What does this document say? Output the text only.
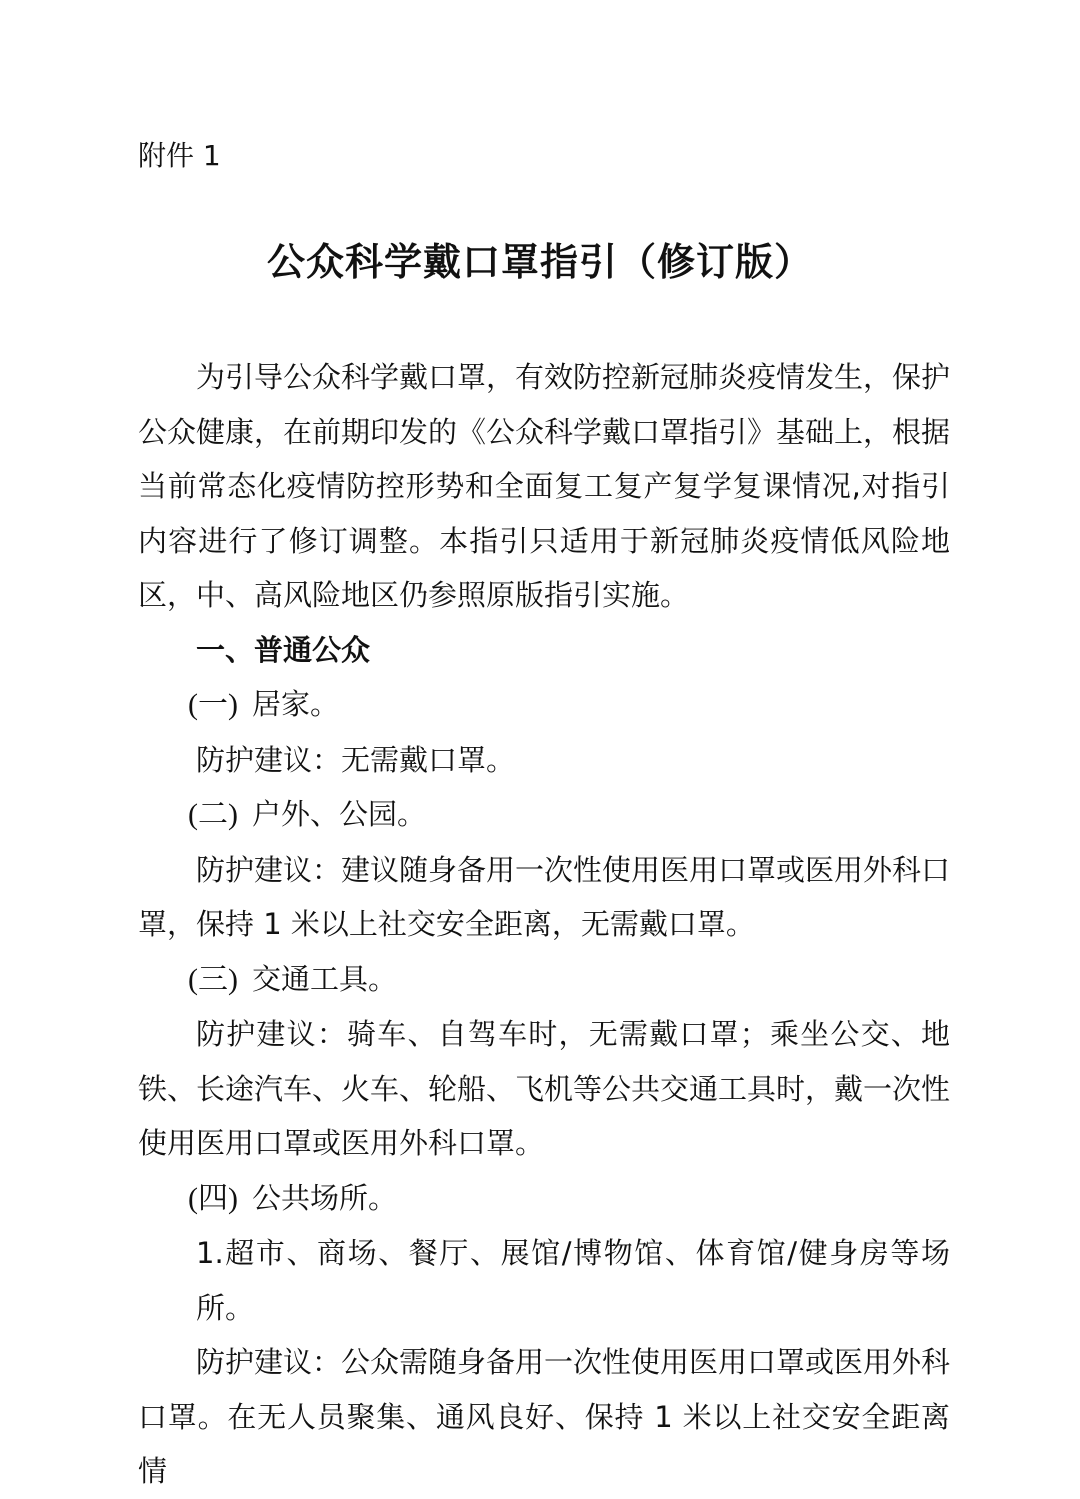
附件 1
公众科学戴口罩指引（修订版）

为引导公众科学戴口罩，有效防控新冠肺炎疫情发生，保护公众健康，在前期印发的《公众科学戴口罩指引》基础上，根据当前常态化疫情防控形势和全面复工复产复学复课情况,对指引内容进行了修订调整。本指引只适用于新冠肺炎疫情低风险地区，中、高风险地区仍参照原版指引实施。

一、普通公众

(一) 居家。

防护建议：无需戴口罩。

(二) 户外、公园。

防护建议：建议随身备用一次性使用医用口罩或医用外科口罩，保持 1 米以上社交安全距离，无需戴口罩。

(三) 交通工具。

防护建议：骑车、自驾车时，无需戴口罩；乘坐公交、地铁、长途汽车、火车、轮船、飞机等公共交通工具时，戴一次性使用医用口罩或医用外科口罩。

(四) 公共场所。

1.超市、商场、餐厅、展馆/博物馆、体育馆/健身房等场所。

防护建议：公众需随身备用一次性使用医用口罩或医用外科口罩。在无人员聚集、通风良好、保持 1 米以上社交安全距离情
